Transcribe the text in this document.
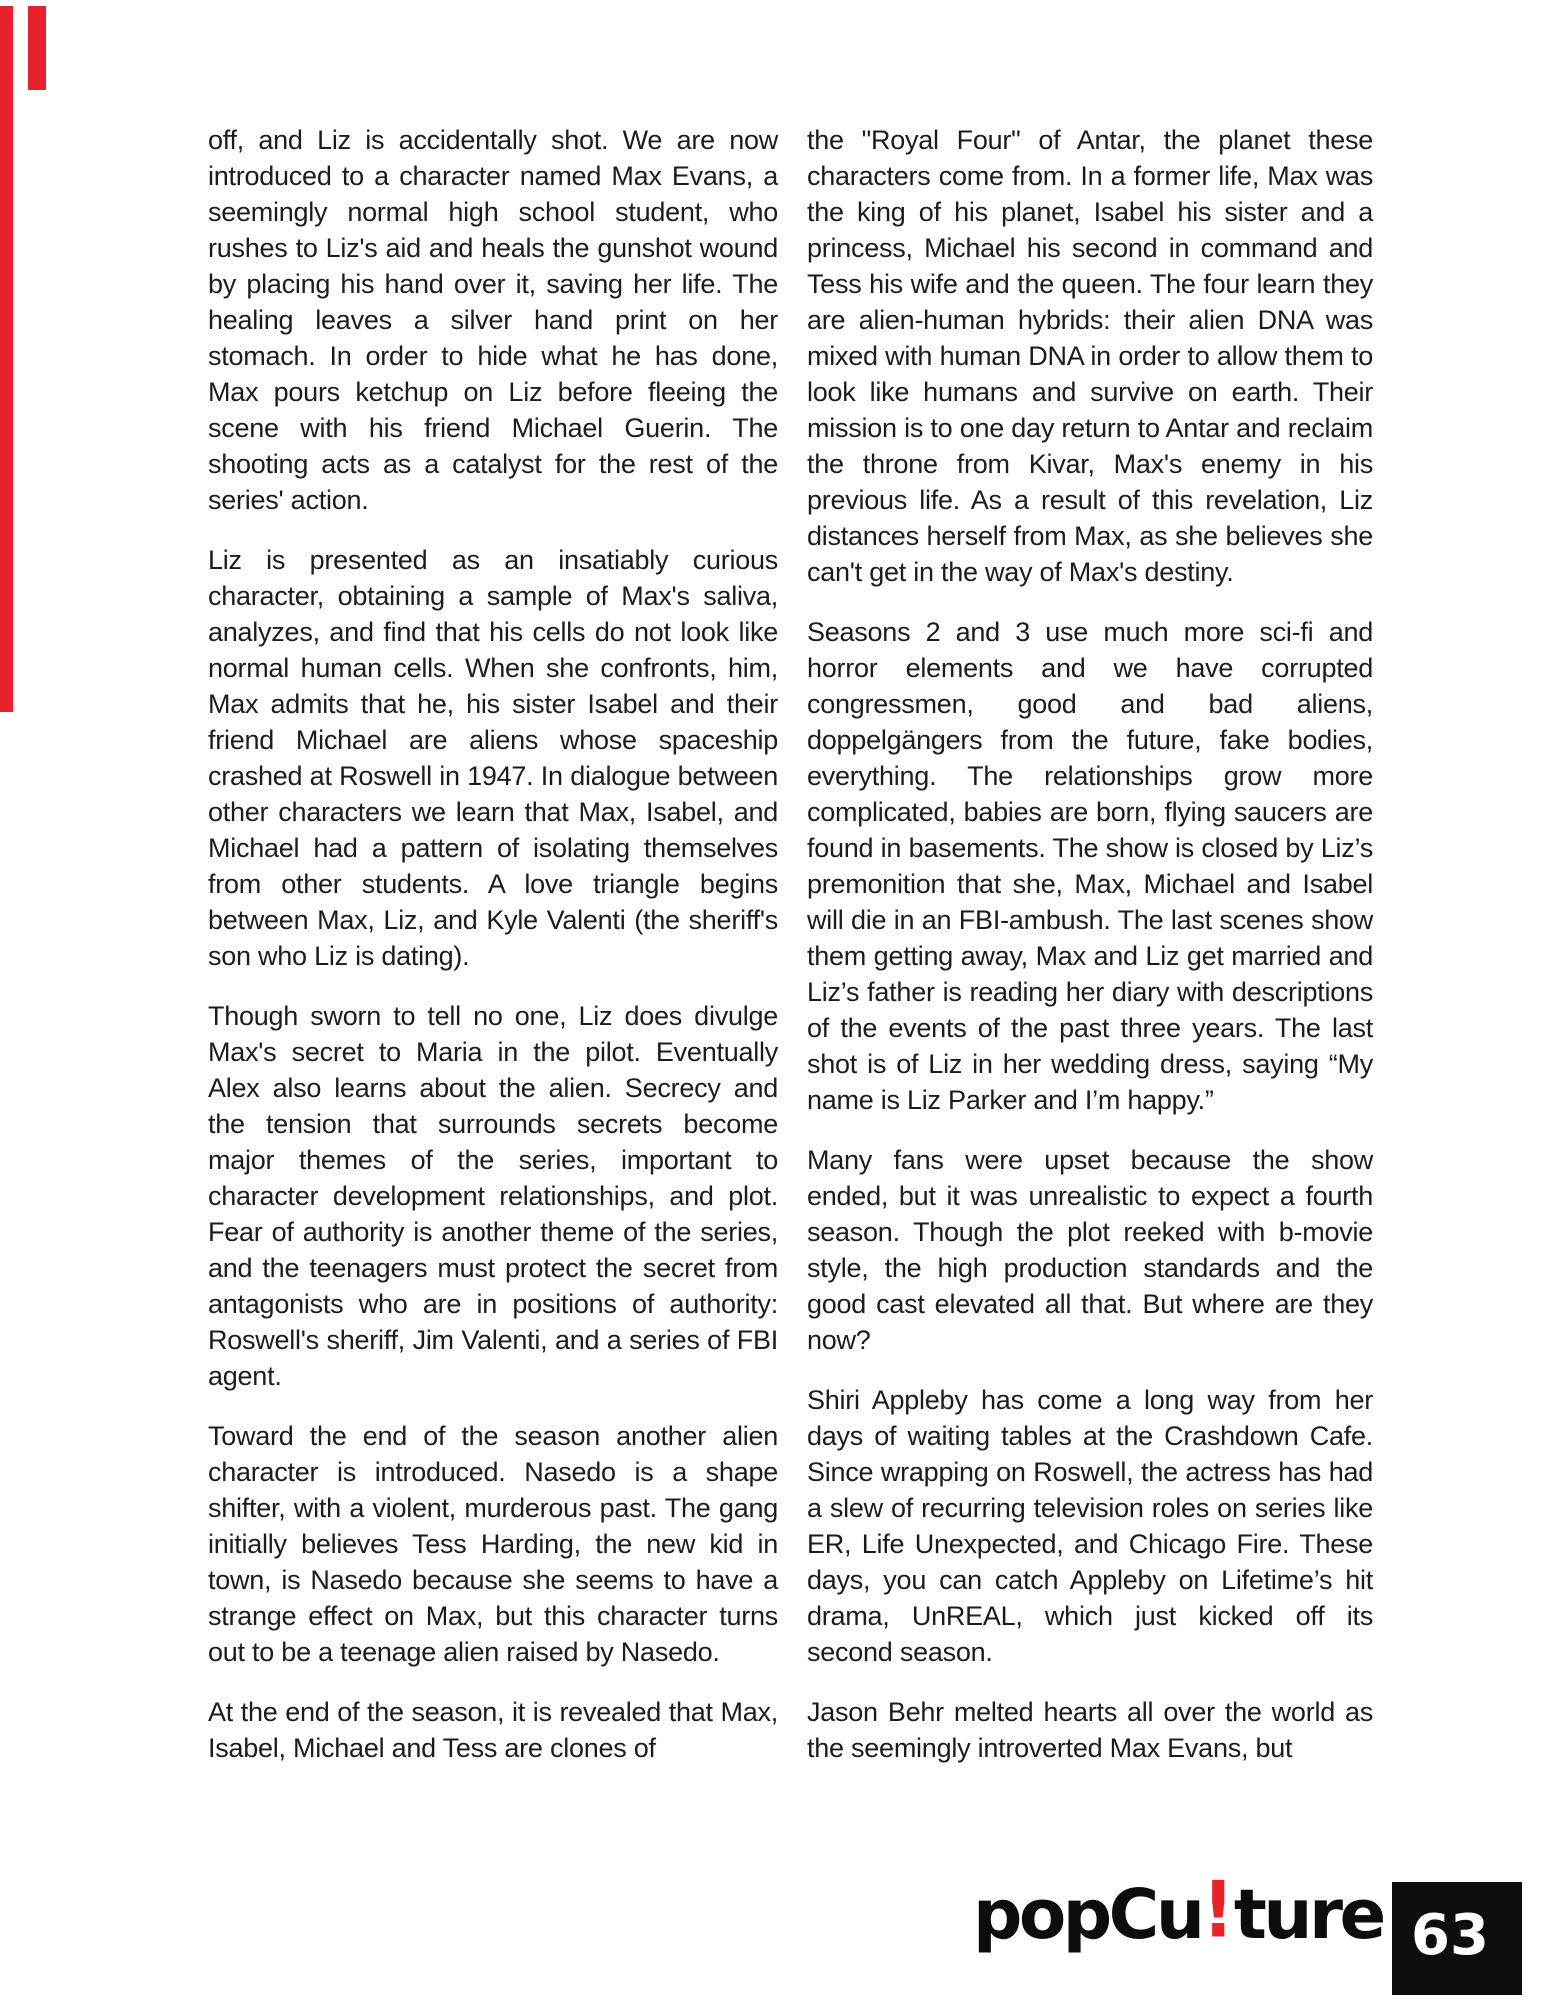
off, and Liz is accidentally shot. We are now introduced to a character named Max Evans, a seemingly normal high school student, who rushes to Liz's aid and heals the gunshot wound by placing his hand over it, saving her life. The healing leaves a silver hand print on her stomach. In order to hide what he has done, Max pours ketchup on Liz before fleeing the scene with his friend Michael Guerin. The shooting acts as a catalyst for the rest of the series' action.

Liz is presented as an insatiably curious character, obtaining a sample of Max's saliva, analyzes, and find that his cells do not look like normal human cells. When she confronts, him, Max admits that he, his sister Isabel and their friend Michael are aliens whose spaceship crashed at Roswell in 1947. In dialogue between other characters we learn that Max, Isabel, and Michael had a pattern of isolating themselves from other students. A love triangle begins between Max, Liz, and Kyle Valenti (the sheriff's son who Liz is dating).

Though sworn to tell no one, Liz does divulge Max's secret to Maria in the pilot. Eventually Alex also learns about the alien. Secrecy and the tension that surrounds secrets become major themes of the series, important to character development relationships, and plot. Fear of authority is another theme of the series, and the teenagers must protect the secret from antagonists who are in positions of authority: Roswell's sheriff, Jim Valenti, and a series of FBI agent.

Toward the end of the season another alien character is introduced. Nasedo is a shape shifter, with a violent, murderous past. The gang initially believes Tess Harding, the new kid in town, is Nasedo because she seems to have a strange effect on Max, but this character turns out to be a teenage alien raised by Nasedo.

At the end of the season, it is revealed that Max, Isabel, Michael and Tess are clones of

the "Royal Four" of Antar, the planet these characters come from. In a former life, Max was the king of his planet, Isabel his sister and a princess, Michael his second in command and Tess his wife and the queen. The four learn they are alien-human hybrids: their alien DNA was mixed with human DNA in order to allow them to look like humans and survive on earth. Their mission is to one day return to Antar and reclaim the throne from Kivar, Max's enemy in his previous life. As a result of this revelation, Liz distances herself from Max, as she believes she can't get in the way of Max's destiny.

Seasons 2 and 3 use much more sci-fi and horror elements and we have corrupted congressmen, good and bad aliens, doppelgängers from the future, fake bodies, everything. The relationships grow more complicated, babies are born, flying saucers are found in basements. The show is closed by Liz’s premonition that she, Max, Michael and Isabel will die in an FBI-ambush. The last scenes show them getting away, Max and Liz get married and Liz’s father is reading her diary with descriptions of the events of the past three years. The last shot is of Liz in her wedding dress, saying “My name is Liz Parker and I’m happy.”

Many fans were upset because the show ended, but it was unrealistic to expect a fourth season. Though the plot reeked with b-movie style, the high production standards and the good cast elevated all that. But where are they now?

Shiri Appleby has come a long way from her days of waiting tables at the Crashdown Cafe. Since wrapping on Roswell, the actress has had a slew of recurring television roles on series like ER, Life Unexpected, and Chicago Fire. These days, you can catch Appleby on Lifetime’s hit drama, UnREAL, which just kicked off its second season.

Jason Behr melted hearts all over the world as the seemingly introverted Max Evans, but

popCu!ture 63
